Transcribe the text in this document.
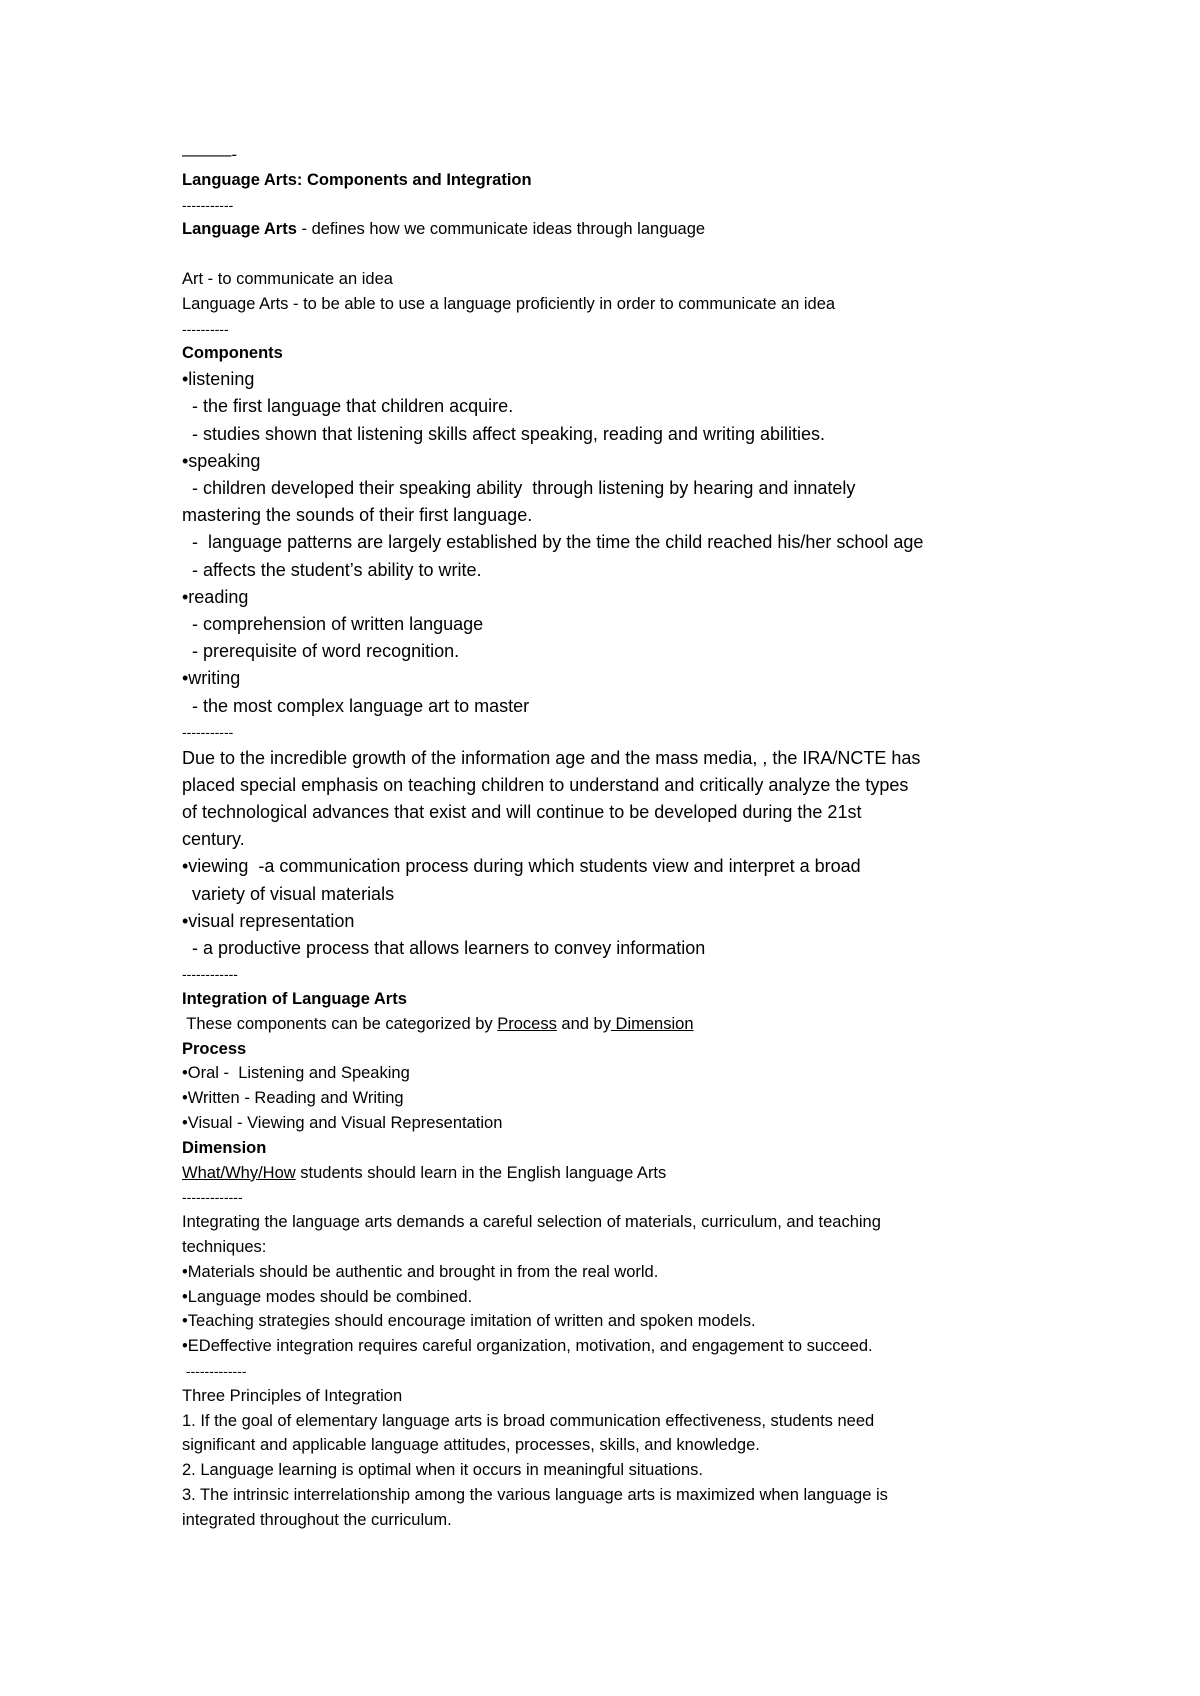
———-
Language Arts: Components and Integration
-----------
Language Arts - defines how we communicate ideas through language

Art - to communicate an idea
Language Arts - to be able to use a language proficiently in order to communicate an idea
----------
Components
•listening
- the first language that children acquire.
- studies shown that listening skills affect speaking, reading and writing abilities.
•speaking
- children developed their speaking ability  through listening by hearing and innately
mastering the sounds of their first language.
-  language patterns are largely established by the time the child reached his/her school age
- affects the student’s ability to write.
•reading
- comprehension of written language
- prerequisite of word recognition.
•writing
- the most complex language art to master
-----------
Due to the incredible growth of the information age and the mass media, , the IRA/NCTE has
placed special emphasis on teaching children to understand and critically analyze the types
of technological advances that exist and will continue to be developed during the 21st
century.
•viewing  -a communication process during which students view and interpret a broad
variety of visual materials
•visual representation
- a productive process that allows learners to convey information
------------
Integration of Language Arts
These components can be categorized by Process and by Dimension
Process
•Oral -  Listening and Speaking
•Written - Reading and Writing
•Visual - Viewing and Visual Representation
Dimension
What/Why/How students should learn in the English language Arts
-------------
Integrating the language arts demands a careful selection of materials, curriculum, and teaching
techniques:
•Materials should be authentic and brought in from the real world.
•Language modes should be combined.
•Teaching strategies should encourage imitation of written and spoken models.
•EDeffective integration requires careful organization, motivation, and engagement to succeed.
-------------
Three Principles of Integration
1. If the goal of elementary language arts is broad communication effectiveness, students need
significant and applicable language attitudes, processes, skills, and knowledge.
2. Language learning is optimal when it occurs in meaningful situations.
3. The intrinsic interrelationship among the various language arts is maximized when language is
integrated throughout the curriculum.
